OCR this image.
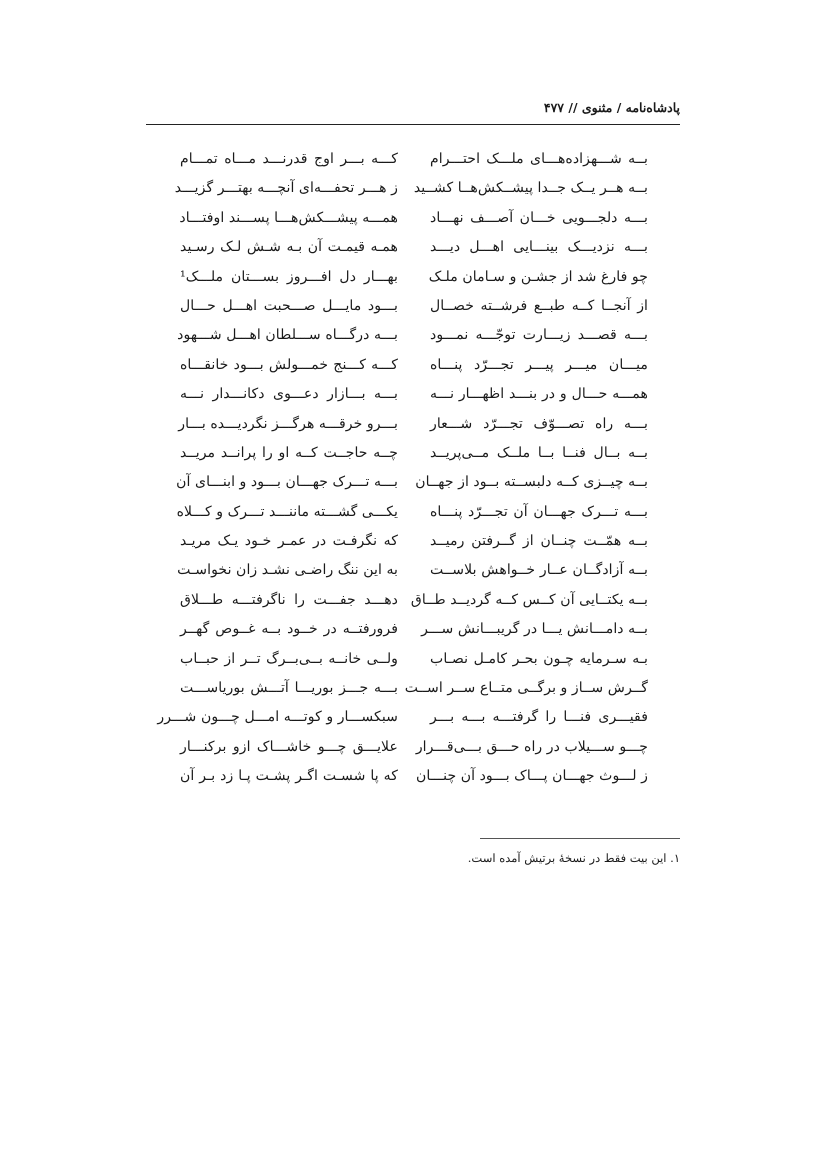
پادشاه‌نامه / مثنوی // ۴۷۷
بــه شـــهزاده‌هـــای ملـــک احتـــرام
بــه هــر یــک جــدا پیشــکش‌هــا کشــید
بـــه دلجـــویی خـــان آصـــف نهـــاد
بـــه نزدیـــک بینـــایی اهـــل دیـــد
چو فارغ شد از جشـن و سـامان ملـک
از آنجــا کــه طبــع فرشــته خصــال
بـــه قصـــد زیـــارت توجّـــه نمـــود
میـــان میـــر پیـــر تجـــرّد پنـــاه
همـــه حـــال و در بنـــد اظهـــار نـــه
بـــه راه تصـــوّف تجـــرّد شـــعار
بــه بــال فنــا بــا ملــک مــی‌پریــد
بــه چیــزی کــه دلبســته بــود از جهــان
بـــه تـــرک جهـــان آن تجـــرّد پنـــاه
بــه همّــت چنــان از گــرفتن رمیــد
بــه آزادگــان عــار خــواهش بلاســت
بــه یکتــایی آن کــس کــه گردیــد طــاق
بــه دامـــانش یـــا در گریبـــانش ســـر
بـه سـرمایه چـون بحـر کامـل نصـاب
گــرش ســاز و برگــی متــاع ســر اســت
فقیـــری فنـــا را گرفتـــه بـــه بـــر
چـــو ســـیلاب در راه حـــق بـــی‌قـــرار
ز لـــوث جهـــان پـــاک بـــود آن چنـــان
کـــه بـــر اوج قدرنـــد مـــاه تمـــام
ز هـــر تحفـــه‌ای آنچـــه بهتـــر گزیـــد
همـــه پیشـــکش‌هـــا پســـند اوفتـــاد
همـه قیمـت آن بـه شـش لـک رسـید
بهـــار دل افـــروز بســـتان ملـــک¹
بـــود مایـــل صـــحبت اهـــل حـــال
بـــه درگـــاه ســـلطان اهـــل شـــهود
کـــه کـــنج خمـــولش بـــود خانقـــاه
بـــه بـــازار دعـــوی دکانـــدار نـــه
بـــرو خرقـــه هرگـــز نگردیـــده بـــار
چــه حاجــت کــه او را پرانــد مریــد
بـــه تـــرک جهـــان بـــود و ابنـــای آن
یکـــی گشـــته ماننـــد تـــرک و کـــلاه
که نگرفـت در عمـر خـود یـک مریـد
به این ننگ راضـی نشـد زان نخواسـت
دهـــد جفـــت را ناگرفتـــه طـــلاق
فرورفتــه در خــود بــه غــوص گهــر
ولــی خانــه بــی‌بــرگ تــر از حبــاب
بـــه جـــز بوریـــا آتـــش بوریاســـت
سبکســـار و کوتـــه امـــل چـــون شـــرر
علایـــق چـــو خاشـــاک ازو برکنـــار
که پا شسـت اگـر پشـت پـا زد بـر آن
۱. این بیت فقط در نسخهٔ برتیش آمده است.
